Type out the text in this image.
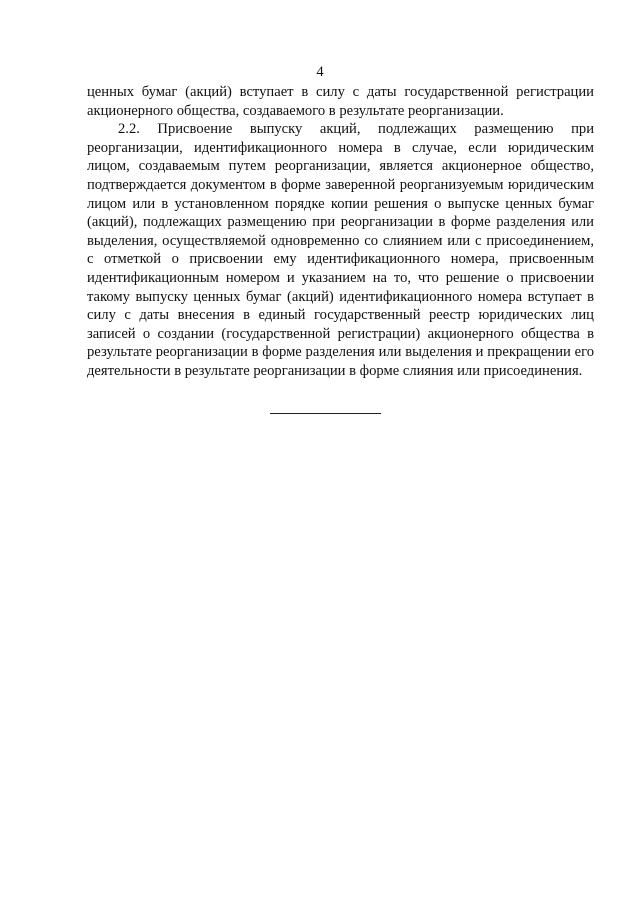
4

ценных бумаг (акций) вступает в силу с даты государственной регистрации акционерного общества, создаваемого в результате реорганизации.

2.2. Присвоение выпуску акций, подлежащих размещению при реорганизации, идентификационного номера в случае, если юридическим лицом, создаваемым путем реорганизации, является акционерное общество, подтверждается документом в форме заверенной реорганизуемым юридическим лицом или в установленном порядке копии решения о выпуске ценных бумаг (акций), подлежащих размещению при реорганизации в форме разделения или выделения, осуществляемой одновременно со слиянием или с присоединением, с отметкой о присвоении ему идентификационного номера, присвоенным идентификационным номером и указанием на то, что решение о присвоении такому выпуску ценных бумаг (акций) идентификационного номера вступает в силу с даты внесения в единый государственный реестр юридических лиц записей о создании (государственной регистрации) акционерного общества в результате реорганизации в форме разделения или выделения и прекращении его деятельности в результате реорганизации в форме слияния или присоединения.
